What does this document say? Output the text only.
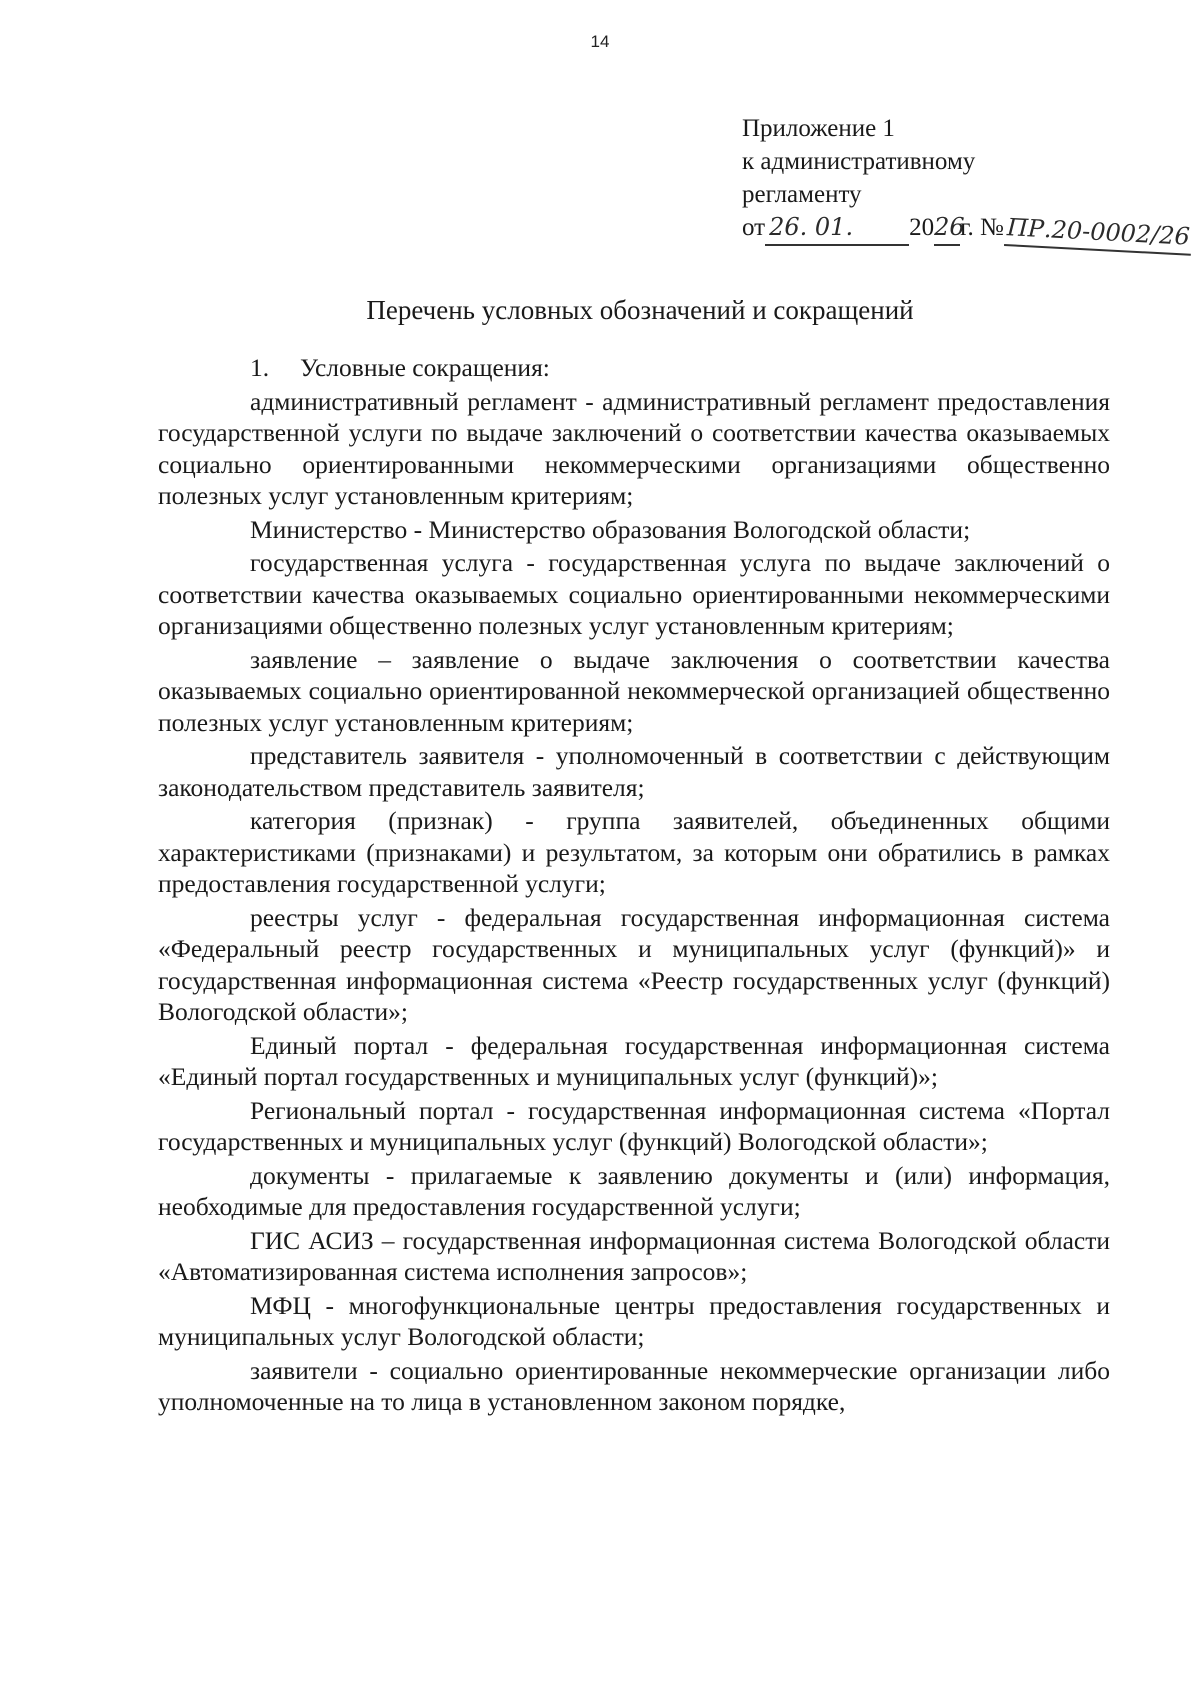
14
Приложение 1
к административному
регламенту
от 26. 01. 2026г. №ПР.20-0002/26
Перечень условных обозначений и сокращений

1. Условные сокращения:

административный регламент - административный регламент предоставления государственной услуги по выдаче заключений о соответствии качества оказываемых социально ориентированными некоммерческими организациями общественно полезных услуг установленным критериям;

Министерство - Министерство образования Вологодской области;

государственная услуга - государственная услуга по выдаче заключений о соответствии качества оказываемых социально ориентированными некоммерческими организациями общественно полезных услуг установленным критериям;

заявление – заявление о выдаче заключения о соответствии качества оказываемых социально ориентированной некоммерческой организацией общественно полезных услуг установленным критериям;

представитель заявителя - уполномоченный в соответствии с действующим законодательством представитель заявителя;

категория (признак) - группа заявителей, объединенных общими характеристиками (признаками) и результатом, за которым они обратились в рамках предоставления государственной услуги;

реестры услуг - федеральная государственная информационная система «Федеральный реестр государственных и муниципальных услуг (функций)» и государственная информационная система «Реестр государственных услуг (функций) Вологодской области»;

Единый портал - федеральная государственная информационная система «Единый портал государственных и муниципальных услуг (функций)»;

Региональный портал - государственная информационная система «Портал государственных и муниципальных услуг (функций) Вологодской области»;

документы - прилагаемые к заявлению документы и (или) информация, необходимые для предоставления государственной услуги;

ГИС АСИЗ – государственная информационная система Вологодской области «Автоматизированная система исполнения запросов»;

МФЦ - многофункциональные центры предоставления государственных и муниципальных услуг Вологодской области;

заявители - социально ориентированные некоммерческие организации либо уполномоченные на то лица в установленном законом порядке,
